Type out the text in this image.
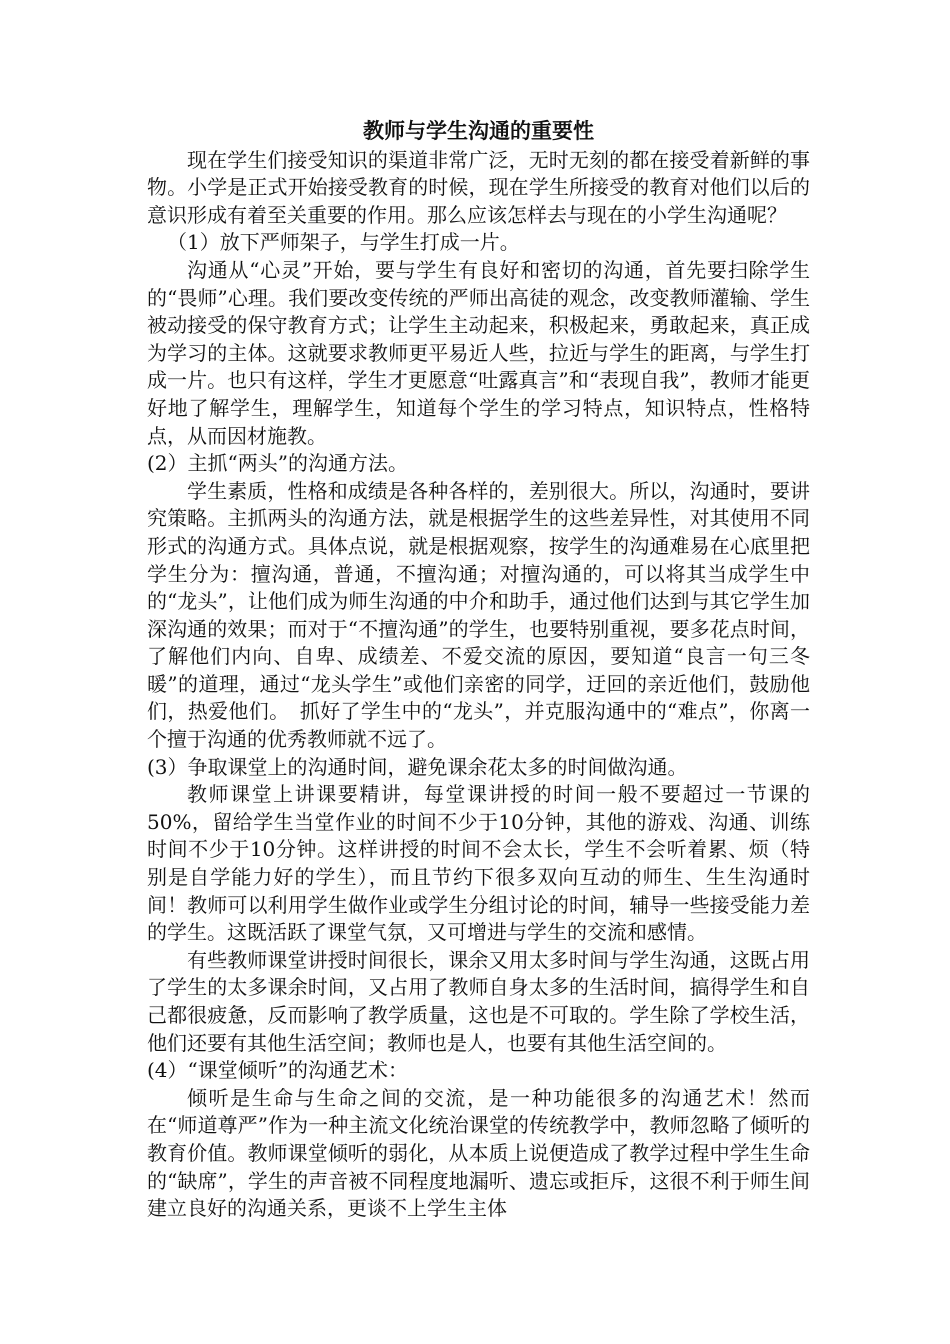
教师与学生沟通的重要性

现在学生们接受知识的渠道非常广泛，无时无刻的都在接受着新鲜的事物。小学是正式开始接受教育的时候，现在学生所接受的教育对他们以后的意识形成有着至关重要的作用。那么应该怎样去与现在的小学生沟通呢？

（1）放下严师架子，与学生打成一片。

沟通从“心灵”开始，要与学生有良好和密切的沟通，首先要扫除学生的“畏师”心理。我们要改变传统的严师出高徒的观念，改变教师灌输、学生被动接受的保守教育方式；让学生主动起来，积极起来，勇敢起来，真正成为学习的主体。这就要求教师更平易近人些，拉近与学生的距离，与学生打成一片。也只有这样，学生才更愿意“吐露真言”和“表现自我”，教师才能更好地了解学生，理解学生，知道每个学生的学习特点，知识特点，性格特点，从而因材施教。

(2）主抓“两头”的沟通方法。

学生素质，性格和成绩是各种各样的，差别很大。所以，沟通时，要讲究策略。主抓两头的沟通方法，就是根据学生的这些差异性，对其使用不同形式的沟通方式。具体点说，就是根据观察，按学生的沟通难易在心底里把学生分为：擅沟通，普通，不擅沟通；对擅沟通的，可以将其当成学生中的“龙头”，让他们成为师生沟通的中介和助手，通过他们达到与其它学生加深沟通的效果；而对于“不擅沟通”的学生，也要特别重视，要多花点时间，了解他们内向、自卑、成绩差、不爱交流的原因，要知道“良言一句三冬暖”的道理，通过“龙头学生”或他们亲密的同学，迂回的亲近他们，鼓励他们，热爱他们。　抓好了学生中的“龙头”，并克服沟通中的“难点”，你离一个擅于沟通的优秀教师就不远了。

(3）争取课堂上的沟通时间，避免课余花太多的时间做沟通。

教师课堂上讲课要精讲，每堂课讲授的时间一般不要超过一节课的50%，留给学生当堂作业的时间不少于10分钟，其他的游戏、沟通、训练时间不少于10分钟。这样讲授的时间不会太长，学生不会听着累、烦（特别是自学能力好的学生），而且节约下很多双向互动的师生、生生沟通时间！教师可以利用学生做作业或学生分组讨论的时间，辅导一些接受能力差的学生。这既活跃了课堂气氛，又可增进与学生的交流和感情。

有些教师课堂讲授时间很长，课余又用太多时间与学生沟通，这既占用了学生的太多课余时间，又占用了教师自身太多的生活时间，搞得学生和自己都很疲惫，反而影响了教学质量，这也是不可取的。学生除了学校生活，他们还要有其他生活空间；教师也是人，也要有其他生活空间的。

(4）“课堂倾听”的沟通艺术：

倾听是生命与生命之间的交流，是一种功能很多的沟通艺术！然而在“师道尊严”作为一种主流文化统治课堂的传统教学中，教师忽略了倾听的教育价值。教师课堂倾听的弱化，从本质上说便造成了教学过程中学生生命的“缺席”，学生的声音被不同程度地漏听、遗忘或拒斥，这很不利于师生间建立良好的沟通关系，更谈不上学生主体
